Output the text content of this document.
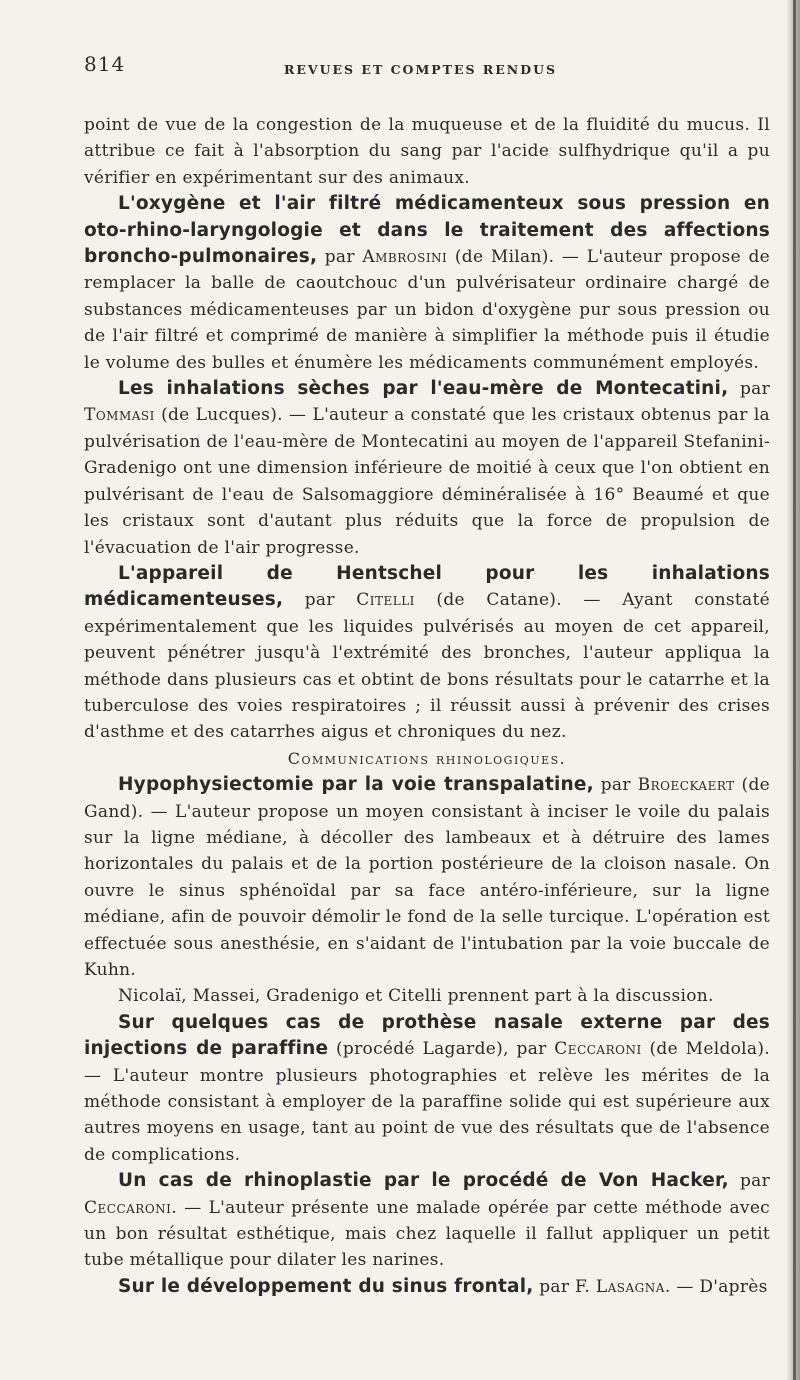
814	REVUES ET COMPTES RENDUS

point de vue de la congestion de la muqueuse et de la fluidité du mucus. Il attribue ce fait à l'absorption du sang par l'acide sulfhydrique qu'il a pu vérifier en expérimentant sur des animaux.

L'oxygène et l'air filtré médicamenteux sous pression en oto-rhino-laryngologie et dans le traitement des affections broncho-pulmonaires, par Ambrosini (de Milan). — L'auteur propose de remplacer la balle de caoutchouc d'un pulvérisateur ordinaire chargé de substances médicamenteuses par un bidon d'oxygène pur sous pression ou de l'air filtré et comprimé de manière à simplifier la méthode puis il étudie le volume des bulles et énumère les médicaments communément employés.

Les inhalations sèches par l'eau-mère de Montecatini, par Tommasi (de Lucques). — L'auteur a constaté que les cristaux obtenus par la pulvérisation de l'eau-mère de Montecatini au moyen de l'appareil Stefanini-Gradenigo ont une dimension inférieure de moitié à ceux que l'on obtient en pulvérisant de l'eau de Salsomaggiore déminéralisée à 16° Beaumé et que les cristaux sont d'autant plus réduits que la force de propulsion de l'évacuation de l'air progresse.

L'appareil de Hentschel pour les inhalations médicamenteuses, par Citelli (de Catane). — Ayant constaté expérimentalement que les liquides pulvérisés au moyen de cet appareil, peuvent pénétrer jusqu'à l'extrémité des bronches, l'auteur appliqua la méthode dans plusieurs cas et obtint de bons résultats pour le catarrhe et la tuberculose des voies respiratoires ; il réussit aussi à prévenir des crises d'asthme et des catarrhes aigus et chroniques du nez.

Communications rhinologiques.

Hypophysiectomie par la voie transpalatine, par Broeckaert (de Gand). — L'auteur propose un moyen consistant à inciser le voile du palais sur la ligne médiane, à décoller des lambeaux et à détruire des lames horizontales du palais et de la portion postérieure de la cloison nasale. On ouvre le sinus sphénoïdal par sa face antéro-inférieure, sur la ligne médiane, afin de pouvoir démolir le fond de la selle turcique. L'opération est effectuée sous anesthésie, en s'aidant de l'intubation par la voie buccale de Kuhn.

Nicolaï, Massei, Gradenigo et Citelli prennent part à la discussion.

Sur quelques cas de prothèse nasale externe par des injections de paraffine (procédé Lagarde), par Ceccaroni (de Meldola). — L'auteur montre plusieurs photographies et relève les mérites de la méthode consistant à employer de la paraffine solide qui est supérieure aux autres moyens en usage, tant au point de vue des résultats que de l'absence de complications.

Un cas de rhinoplastie par le procédé de Von Hacker, par Ceccaroni. — L'auteur présente une malade opérée par cette méthode avec un bon résultat esthétique, mais chez laquelle il fallut appliquer un petit tube métallique pour dilater les narines.

Sur le développement du sinus frontal, par F. Lasagna. — D'après
